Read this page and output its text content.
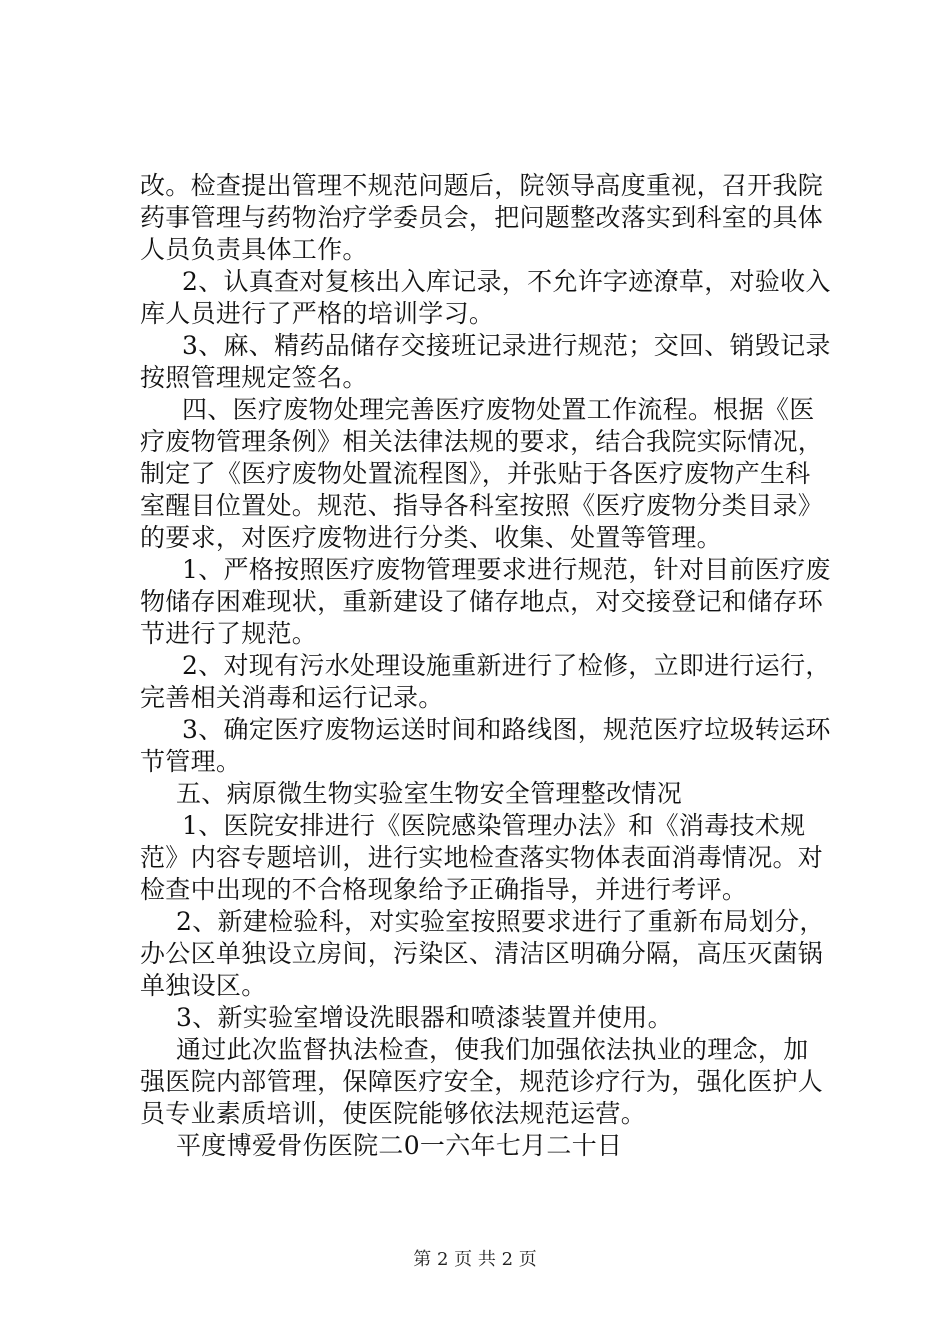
改。检查提出管理不规范问题后，院领导高度重视，召开我院
药事管理与药物治疗学委员会，把问题整改落实到科室的具体
人员负责具体工作。
2、认真查对复核出入库记录，不允许字迹潦草，对验收入
库人员进行了严格的培训学习。
3、麻、精药品储存交接班记录进行规范；交回、销毁记录
按照管理规定签名。
四、医疗废物处理完善医疗废物处置工作流程。根据《医
疗废物管理条例》相关法律法规的要求，结合我院实际情况，
制定了《医疗废物处置流程图》，并张贴于各医疗废物产生科
室醒目位置处。规范、指导各科室按照《医疗废物分类目录》
的要求，对医疗废物进行分类、收集、处置等管理。
1、严格按照医疗废物管理要求进行规范，针对目前医疗废
物储存困难现状，重新建设了储存地点，对交接登记和储存环
节进行了规范。
2、对现有污水处理设施重新进行了检修，立即进行运行，
完善相关消毒和运行记录。
3、确定医疗废物运送时间和路线图，规范医疗垃圾转运环
节管理。
五、病原微生物实验室生物安全管理整改情况
1、医院安排进行《医院感染管理办法》和《消毒技术规
范》内容专题培训，进行实地检查落实物体表面消毒情况。对
检查中出现的不合格现象给予正确指导，并进行考评。
2、新建检验科，对实验室按照要求进行了重新布局划分，
办公区单独设立房间，污染区、清洁区明确分隔，高压灭菌锅
单独设区。
3、新实验室增设洗眼器和喷漆装置并使用。
通过此次监督执法检查，使我们加强依法执业的理念，加
强医院内部管理，保障医疗安全，规范诊疗行为，强化医护人
员专业素质培训，使医院能够依法规范运营。
平度博爱骨伤医院二0一六年七月二十日
第 2 页 共 2 页
